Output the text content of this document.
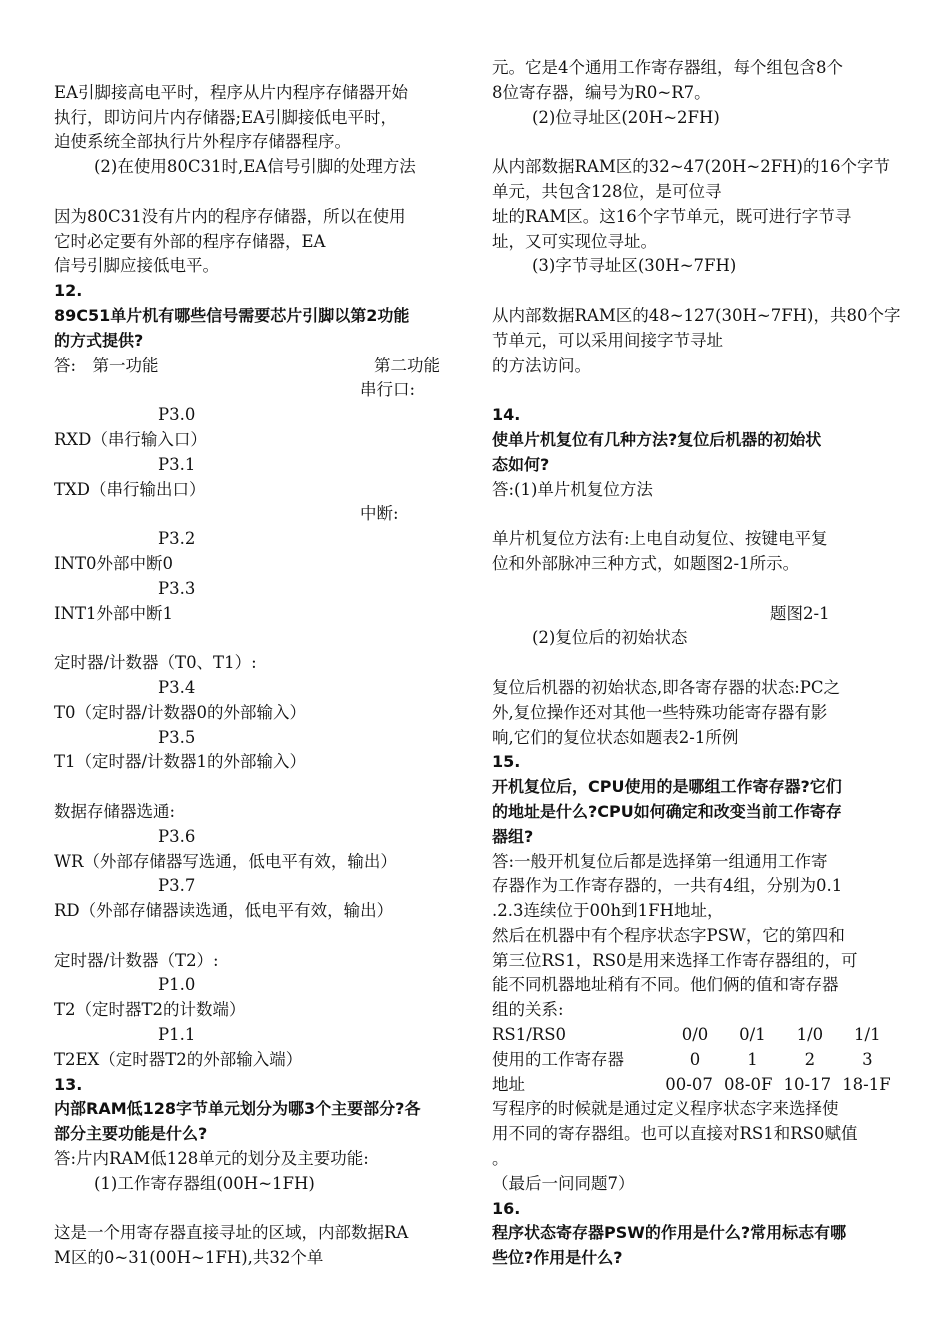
EA引脚接高电平时，程序从片内程序存储器开始
执行，即访问片内存储器;EA引脚接低电平时，
迫使系统全部执行片外程序存储器程序。
(2)在使用80C31时,EA信号引脚的处理方法
因为80C31没有片内的程序存储器，所以在使用
它时必定要有外部的程序存储器，EA
信号引脚应接低电平。
12.
89C51单片机有哪些信号需要芯片引脚以第2功能
的方式提供?
答:　第一功能	第二功能
串行口:
P3.0
RXD（串行输入口）
P3.1
TXD（串行输出口）
中断:
P3.2
INT0外部中断0
P3.3
INT1外部中断1
定时器/计数器（T0、T1）:
P3.4
T0（定时器/计数器0的外部输入）
P3.5
T1（定时器/计数器1的外部输入）
数据存储器选通:
P3.6
WR（外部存储器写选通，低电平有效，输出）
P3.7
RD（外部存储器读选通，低电平有效，输出）
定时器/计数器（T2）:
P1.0
T2（定时器T2的计数端）
P1.1
T2EX（定时器T2的外部输入端）
13.
内部RAM低128字节单元划分为哪3个主要部分?各
部分主要功能是什么?
答:片内RAM低128单元的划分及主要功能:
(1)工作寄存器组(00H~1FH)
这是一个用寄存器直接寻址的区域，内部数据RA
M区的0~31(00H~1FH),共32个单
元。它是4个通用工作寄存器组，每个组包含8个
8位寄存器，编号为R0~R7。
(2)位寻址区(20H~2FH)
从内部数据RAM区的32~47(20H~2FH)的16个字节
单元，共包含128位，是可位寻
址的RAM区。这16个字节单元，既可进行字节寻
址，又可实现位寻址。
(3)字节寻址区(30H~7FH)
从内部数据RAM区的48~127(30H~7FH)，共80个字
节单元，可以采用间接字节寻址
的方法访问。
14.
使单片机复位有几种方法?复位后机器的初始状
态如何?
答:(1)单片机复位方法
单片机复位方法有:上电自动复位、按键电平复
位和外部脉冲三种方式，如题图2-1所示。
题图2-1
(2)复位后的初始状态
复位后机器的初始状态,即各寄存器的状态:PC之
外,复位操作还对其他一些特殊功能寄存器有影
响,它们的复位状态如题表2-1所例
15.
开机复位后，CPU使用的是哪组工作寄存器?它们
的地址是什么?CPU如何确定和改变当前工作寄存
器组?
答:一般开机复位后都是选择第一组通用工作寄
存器作为工作寄存器的，一共有4组，分别为0.1
.2.3连续位于00h到1FH地址，
然后在机器中有个程序状态字PSW，它的第四和
第三位RS1，RS0是用来选择工作寄存器组的，可
能不同机器地址稍有不同。他们俩的值和寄存器
组的关系:
RS1/RS0	0/0	0/1	1/0	1/1
使用的工作寄存器	0	1	2	3
地址	00-07 08-0F 10-17 18-1F
写程序的时候就是通过定义程序状态字来选择使
用不同的寄存器组。也可以直接对RS1和RS0赋值
。
（最后一问同题7）
16.
程序状态寄存器PSW的作用是什么?常用标志有哪
些位?作用是什么?
